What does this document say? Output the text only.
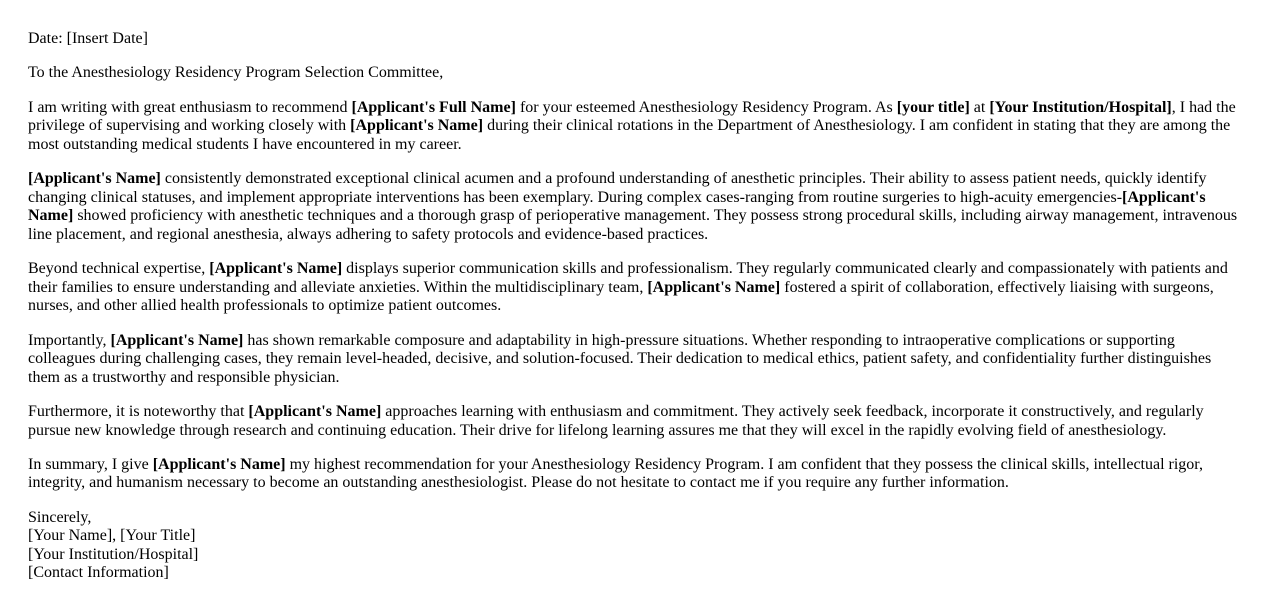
Date: [Insert Date]

To the Anesthesiology Residency Program Selection Committee,

I am writing with great enthusiasm to recommend [Applicant's Full Name] for your esteemed Anesthesiology Residency Program. As [your title] at [Your Institution/Hospital], I had the privilege of supervising and working closely with [Applicant's Name] during their clinical rotations in the Department of Anesthesiology. I am confident in stating that they are among the most outstanding medical students I have encountered in my career.

[Applicant's Name] consistently demonstrated exceptional clinical acumen and a profound understanding of anesthetic principles. Their ability to assess patient needs, quickly identify changing clinical statuses, and implement appropriate interventions has been exemplary. During complex cases-ranging from routine surgeries to high-acuity emergencies-[Applicant's Name] showed proficiency with anesthetic techniques and a thorough grasp of perioperative management. They possess strong procedural skills, including airway management, intravenous line placement, and regional anesthesia, always adhering to safety protocols and evidence-based practices.

Beyond technical expertise, [Applicant's Name] displays superior communication skills and professionalism. They regularly communicated clearly and compassionately with patients and their families to ensure understanding and alleviate anxieties. Within the multidisciplinary team, [Applicant's Name] fostered a spirit of collaboration, effectively liaising with surgeons, nurses, and other allied health professionals to optimize patient outcomes.

Importantly, [Applicant's Name] has shown remarkable composure and adaptability in high-pressure situations. Whether responding to intraoperative complications or supporting colleagues during challenging cases, they remain level-headed, decisive, and solution-focused. Their dedication to medical ethics, patient safety, and confidentiality further distinguishes them as a trustworthy and responsible physician.

Furthermore, it is noteworthy that [Applicant's Name] approaches learning with enthusiasm and commitment. They actively seek feedback, incorporate it constructively, and regularly pursue new knowledge through research and continuing education. Their drive for lifelong learning assures me that they will excel in the rapidly evolving field of anesthesiology.

In summary, I give [Applicant's Name] my highest recommendation for your Anesthesiology Residency Program. I am confident that they possess the clinical skills, intellectual rigor, integrity, and humanism necessary to become an outstanding anesthesiologist. Please do not hesitate to contact me if you require any further information.

Sincerely,
[Your Name], [Your Title]
[Your Institution/Hospital]
[Contact Information]
